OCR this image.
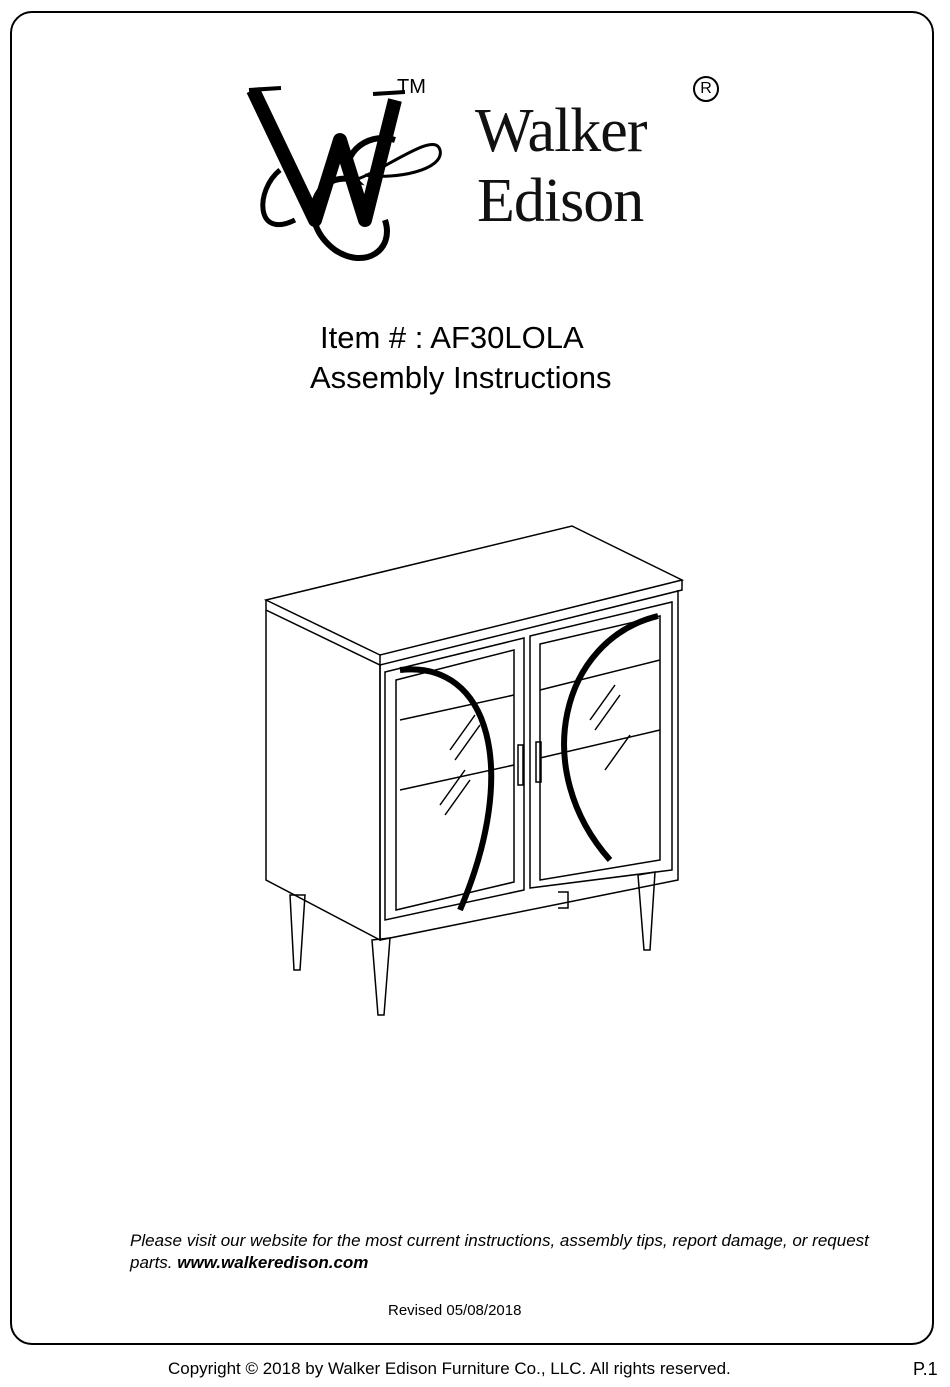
TM	R
Walker
Edison
Item # : AF30LOLA
Assembly Instructions
Please visit our website for the most current instructions, assembly tips, report damage, or request parts. www.walkeredison.com
Revised 05/08/2018
Copyright © 2018 by Walker Edison Furniture Co., LLC. All rights reserved.	P.1
